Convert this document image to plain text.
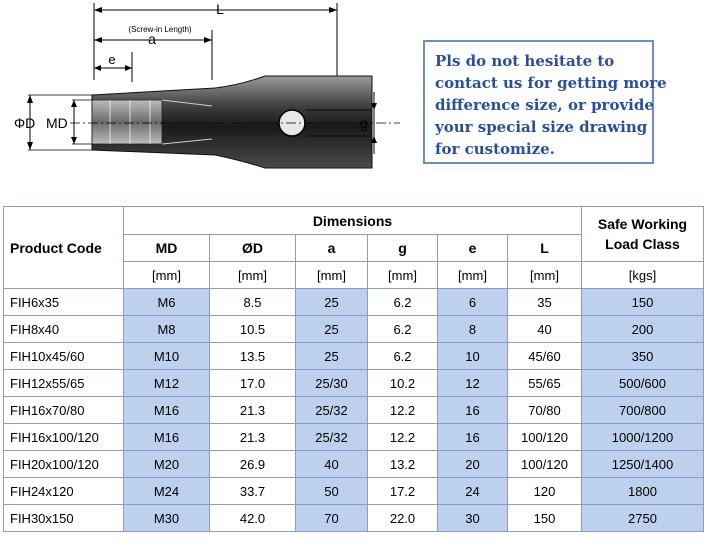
L
(Screw-in Length)
a
e
ΦD MD	g
Pls do not hesitate to
contact us for getting more
difference size, or provide
your special size drawing
for customize.
Product Code	Dimensions						Safe Working
Load Class
	MD	ØD	a	g	e	L	
	[mm]	[mm]	[mm]	[mm]	[mm]	[mm]	[kgs]
FIH6x35	M6	8.5	25	6.2	6	35	150
FIH8x40	M8	10.5	25	6.2	8	40	200
FIH10x45/60	M10	13.5	25	6.2	10	45/60	350
FIH12x55/65	M12	17.0	25/30	10.2	12	55/65	500/600
FIH16x70/80	M16	21.3	25/32	12.2	16	70/80	700/800
FIH16x100/120	M16	21.3	25/32	12.2	16	100/120	1000/1200
FIH20x100/120	M20	26.9	40	13.2	20	100/120	1250/1400
FIH24x120	M24	33.7	50	17.2	24	120	1800
FIH30x150	M30	42.0	70	22.0	30	150	2750
